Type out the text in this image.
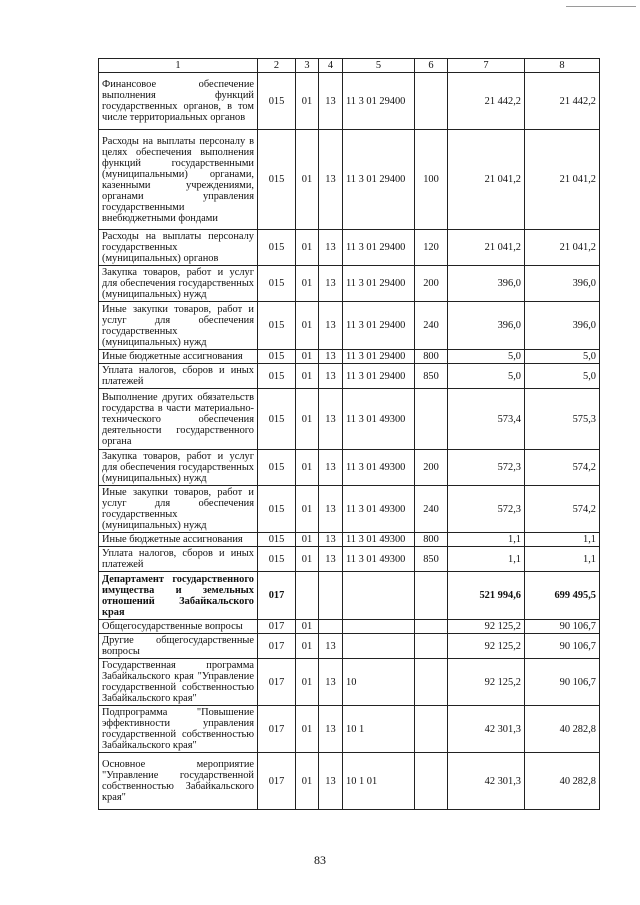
1	2	3	4	5	6	7	8
Финансовое обеспечение выполнения функций государственных органов, в том числе территориальных органов	015	01	13	11 3 01 29400		21 442,2	21 442,2
Расходы на выплаты персоналу в целях обеспечения выполнения функций государственными (муниципальными) органами, казенными учреждениями, органами управления государственными внебюджетными фондами	015	01	13	11 3 01 29400	100	21 041,2	21 041,2
Расходы на выплаты персоналу государственных (муниципальных) органов	015	01	13	11 3 01 29400	120	21 041,2	21 041,2
Закупка товаров, работ и услуг для обеспечения государственных (муниципальных) нужд	015	01	13	11 3 01 29400	200	396,0	396,0
Иные закупки товаров, работ и услуг для обеспечения государственных (муниципальных) нужд	015	01	13	11 3 01 29400	240	396,0	396,0
Иные бюджетные ассигнования	015	01	13	11 3 01 29400	800	5,0	5,0
Уплата налогов, сборов и иных платежей	015	01	13	11 3 01 29400	850	5,0	5,0
Выполнение других обязательств государства в части материально-технического обеспечения деятельности государственного органа	015	01	13	11 3 01 49300		573,4	575,3
Закупка товаров, работ и услуг для обеспечения государственных (муниципальных) нужд	015	01	13	11 3 01 49300	200	572,3	574,2
Иные закупки товаров, работ и услуг для обеспечения государственных (муниципальных) нужд	015	01	13	11 3 01 49300	240	572,3	574,2
Иные бюджетные ассигнования	015	01	13	11 3 01 49300	800	1,1	1,1
Уплата налогов, сборов и иных платежей	015	01	13	11 3 01 49300	850	1,1	1,1
Департамент государственного имущества и земельных отношений Забайкальского края	017					521 994,6	699 495,5
Общегосударственные вопросы	017	01				92 125,2	90 106,7
Другие общегосударственные вопросы	017	01	13			92 125,2	90 106,7
Государственная программа Забайкальского края "Управление государственной собственностью Забайкальского края"	017	01	13	10		92 125,2	90 106,7
Подпрограмма "Повышение эффективности управления государственной собственностью Забайкальского края"	017	01	13	10 1		42 301,3	40 282,8
Основное мероприятие "Управление государственной собственностью Забайкальского края"	017	01	13	10 1 01		42 301,3	40 282,8
83
